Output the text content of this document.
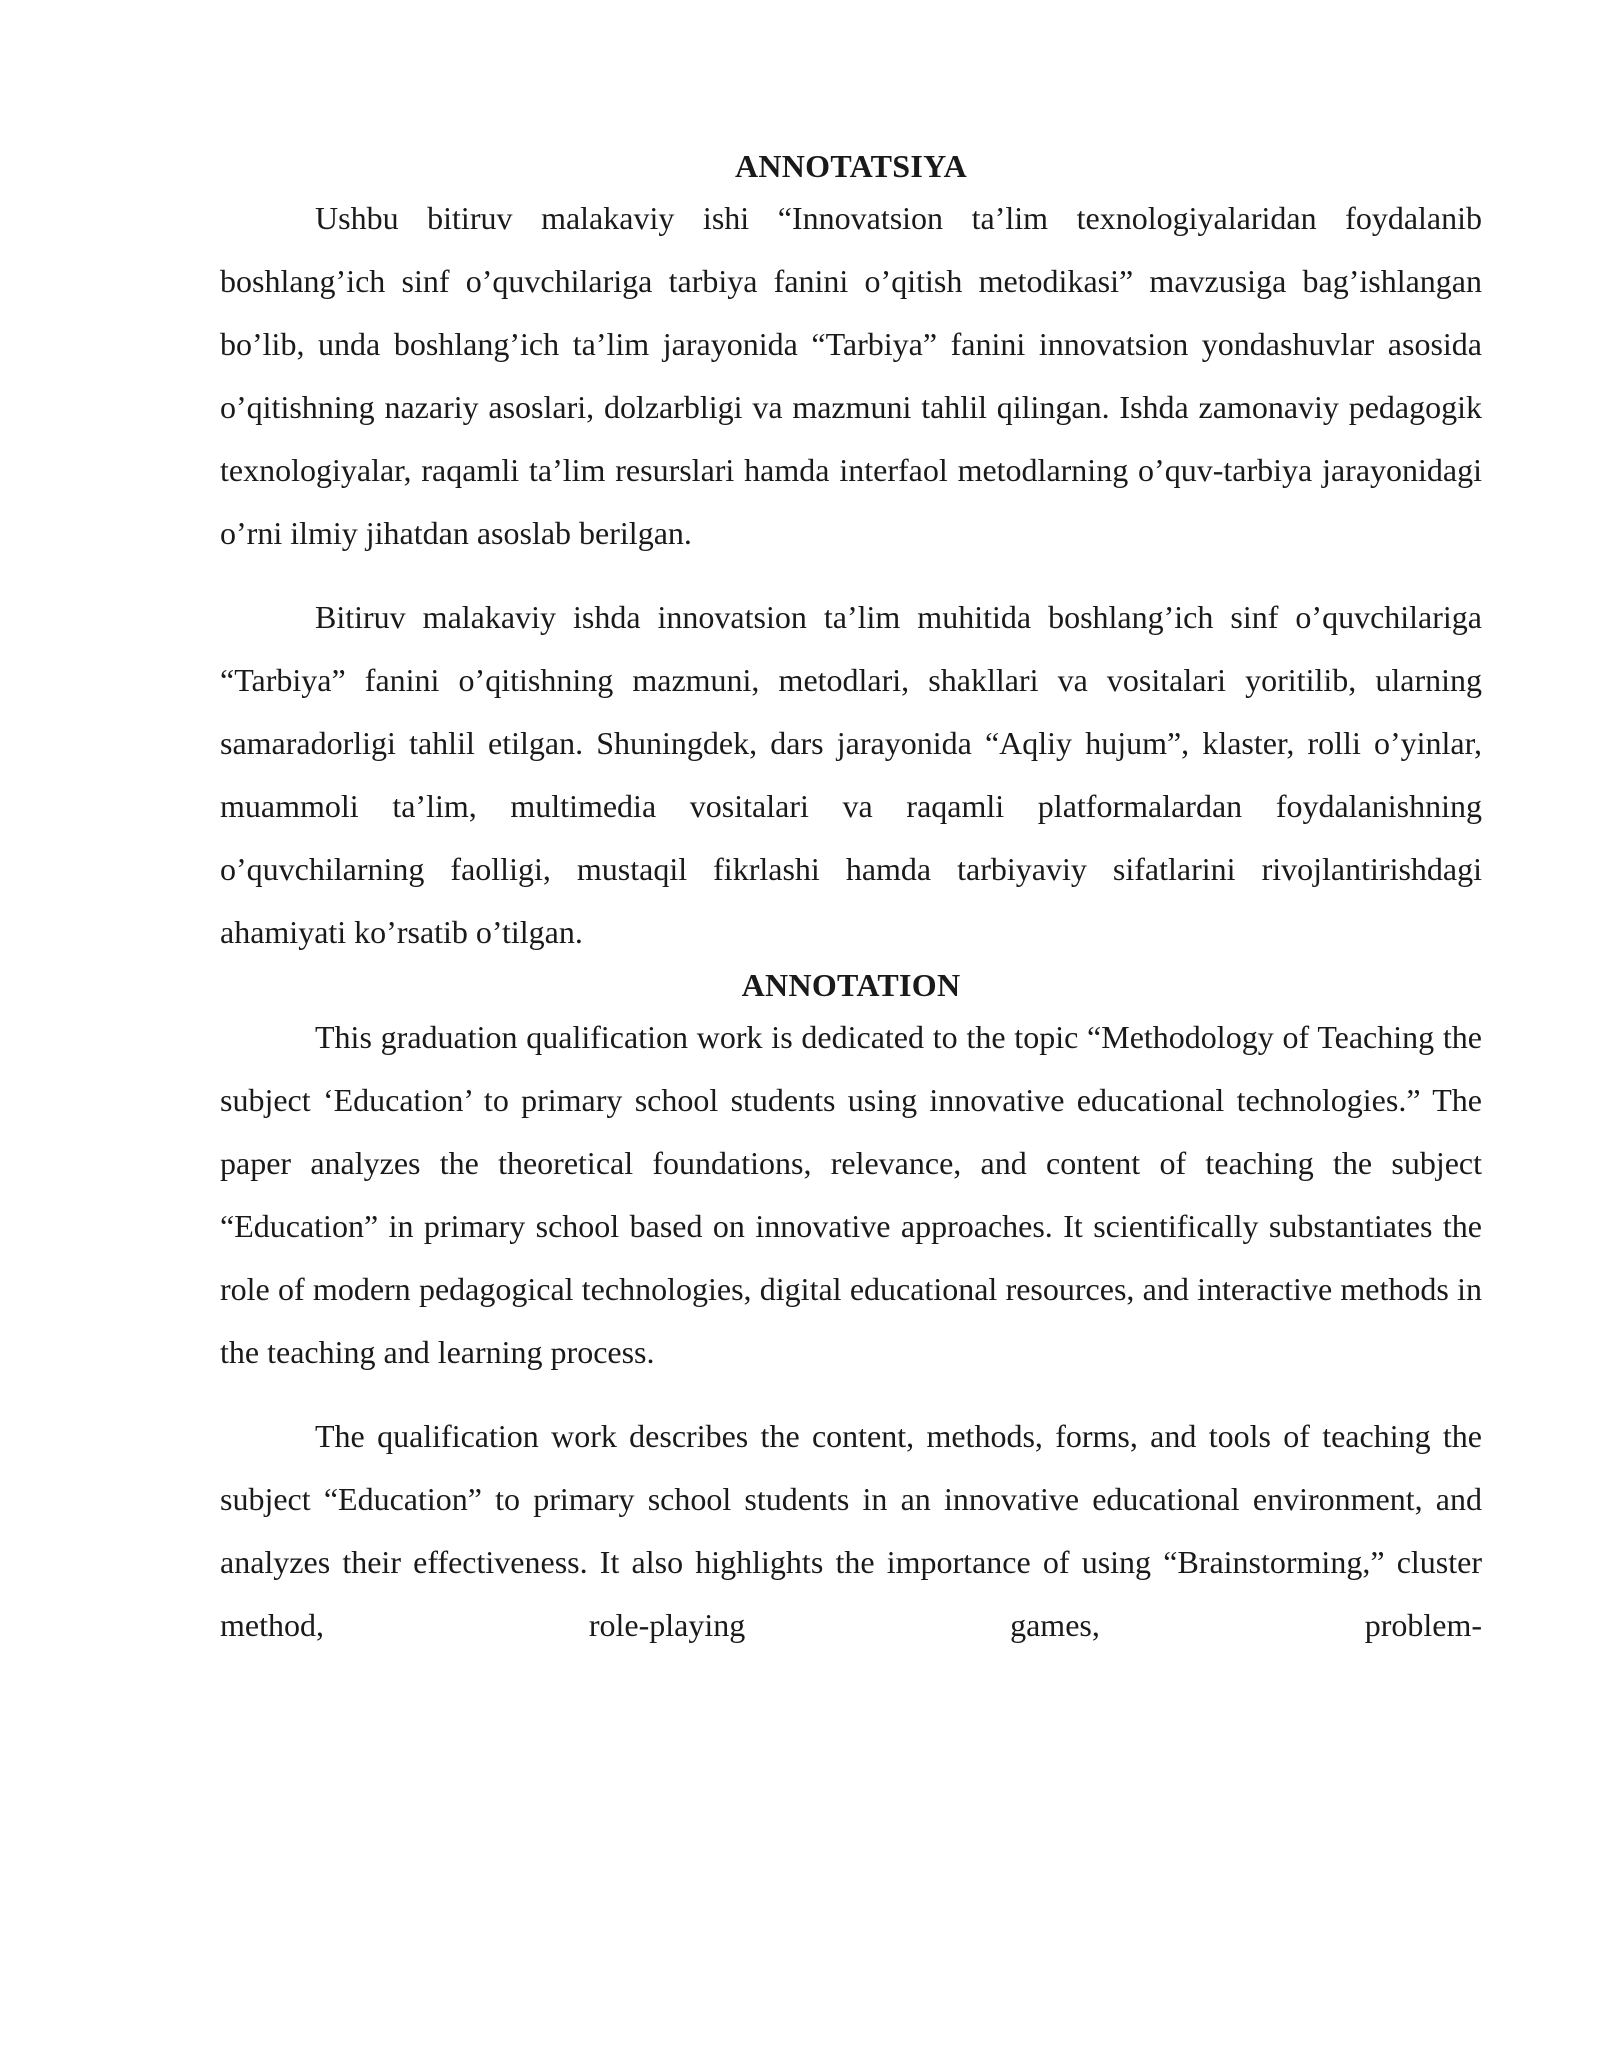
ANNOTATSIYA

Ushbu bitiruv malakaviy ishi “Innovatsion ta’lim texnologiyalaridan foydalanib boshlang’ich sinf o’quvchilariga tarbiya fanini o’qitish metodikasi” mavzusiga bag’ishlangan bo’lib, unda boshlang’ich ta’lim jarayonida “Tarbiya” fanini innovatsion yondashuvlar asosida o’qitishning nazariy asoslari, dolzarbligi va mazmuni tahlil qilingan. Ishda zamonaviy pedagogik texnologiyalar, raqamli ta’lim resurslari hamda interfaol metodlarning o’quv-tarbiya jarayonidagi o’rni ilmiy jihatdan asoslab berilgan.

Bitiruv malakaviy ishda innovatsion ta’lim muhitida boshlang’ich sinf o’quvchilariga “Tarbiya” fanini o’qitishning mazmuni, metodlari, shakllari va vositalari yoritilib, ularning samaradorligi tahlil etilgan. Shuningdek, dars jarayonida “Aqliy hujum”, klaster, rolli o’yinlar, muammoli ta’lim, multimedia vositalari va raqamli platformalardan foydalanishning o’quvchilarning faolligi, mustaqil fikrlashi hamda tarbiyaviy sifatlarini rivojlantirishdagi ahamiyati ko’rsatib o’tilgan.

ANNOTATION

This graduation qualification work is dedicated to the topic “Methodology of Teaching the subject ‘Education’ to primary school students using innovative educational technologies.” The paper analyzes the theoretical foundations, relevance, and content of teaching the subject “Education” in primary school based on innovative approaches. It scientifically substantiates the role of modern pedagogical technologies, digital educational resources, and interactive methods in the teaching and learning process.

The qualification work describes the content, methods, forms, and tools of teaching the subject “Education” to primary school students in an innovative educational environment, and analyzes their effectiveness. It also highlights the importance of using “Brainstorming,” cluster method, role-playing games, problem-
